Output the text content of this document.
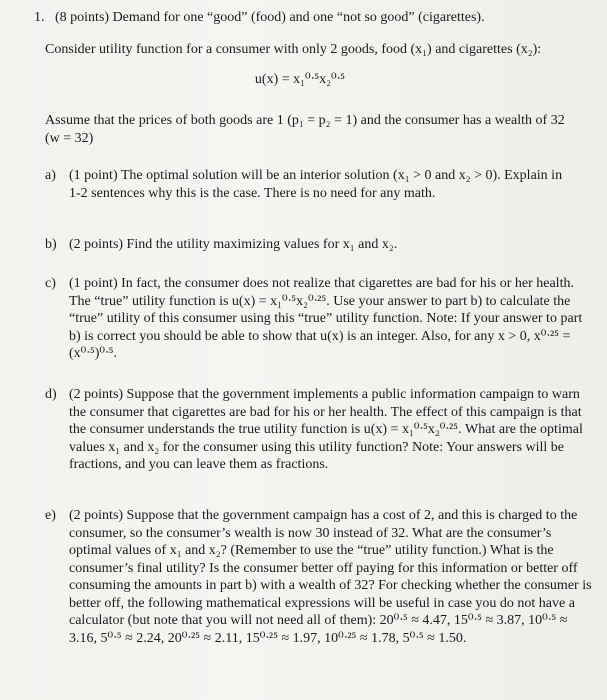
1. (8 points) Demand for one “good” (food) and one “not so good” (cigarettes).
Consider utility function for a consumer with only 2 goods, food (x₁) and cigarettes (x₂):
u(x) = x₁⁰ᐧ⁵x₂⁰ᐧ⁵
Assume that the prices of both goods are 1 (p₁ = p₂ = 1) and the consumer has a wealth of 32 (w = 32)
a) (1 point) The optimal solution will be an interior solution (x₁ > 0 and x₂ > 0). Explain in 1-2 sentences why this is the case. There is no need for any math.
b) (2 points) Find the utility maximizing values for x₁ and x₂.
c) (1 point) In fact, the consumer does not realize that cigarettes are bad for his or her health. The “true” utility function is u(x) = x₁⁰ᐧ⁵x₂⁰ᐧ²⁵. Use your answer to part b) to calculate the “true” utility of this consumer using this “true” utility function. Note: If your answer to part b) is correct you should be able to show that u(x) is an integer. Also, for any x > 0, x⁰ᐧ²⁵ = (x⁰ᐧ⁵)⁰ᐧ⁵.
d) (2 points) Suppose that the government implements a public information campaign to warn the consumer that cigarettes are bad for his or her health. The effect of this campaign is that the consumer understands the true utility function is u(x) = x₁⁰ᐧ⁵x₂⁰ᐧ²⁵. What are the optimal values x₁ and x₂ for the consumer using this utility function? Note: Your answers will be fractions, and you can leave them as fractions.
e) (2 points) Suppose that the government campaign has a cost of 2, and this is charged to the consumer, so the consumer’s wealth is now 30 instead of 32. What are the consumer’s optimal values of x₁ and x₂? (Remember to use the “true” utility function.) What is the consumer’s final utility? Is the consumer better off paying for this information or better off consuming the amounts in part b) with a wealth of 32? For checking whether the consumer is better off, the following mathematical expressions will be useful in case you do not have a calculator (but note that you will not need all of them): 20⁰ᐧ⁵ ≈ 4.47, 15⁰ᐧ⁵ ≈ 3.87, 10⁰ᐧ⁵ ≈ 3.16, 5⁰ᐧ⁵ ≈ 2.24, 20⁰ᐧ²⁵ ≈ 2.11, 15⁰ᐧ²⁵ ≈ 1.97, 10⁰ᐧ²⁵ ≈ 1.78, 5⁰ᐧ⁵ ≈ 1.50.
